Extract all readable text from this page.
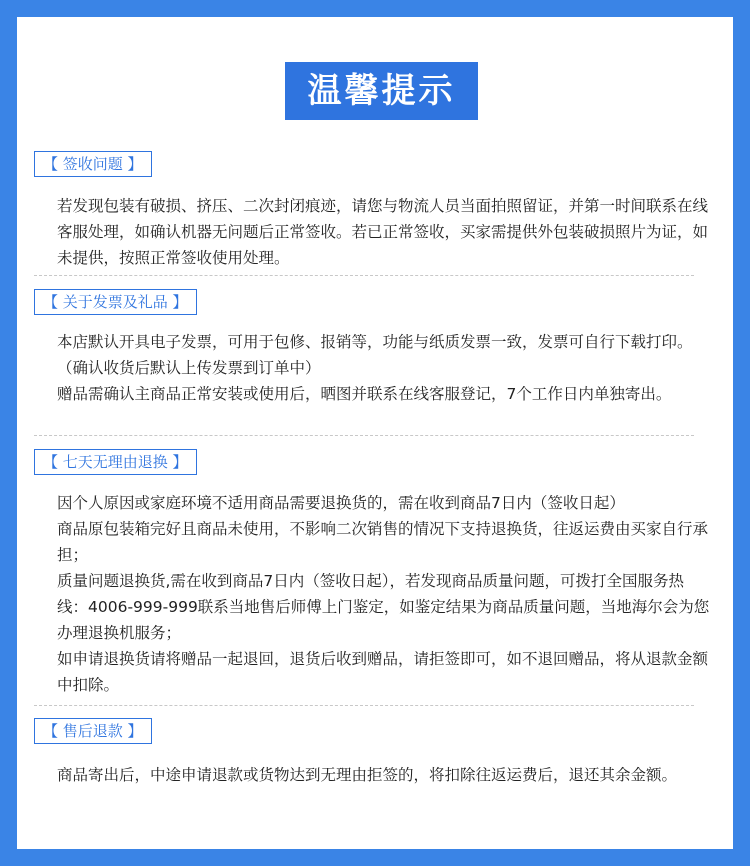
温馨提示
【 签收问题 】

若发现包装有破损、挤压、二次封闭痕迹，请您与物流人员当面拍照留证，并第一时间联系在线客服处理，如确认机器无问题后正常签收。若已正常签收，买家需提供外包装破损照片为证，如未提供，按照正常签收使用处理。

【 关于发票及礼品 】

本店默认开具电子发票，可用于包修、报销等，功能与纸质发票一致，发票可自行下载打印。（确认收货后默认上传发票到订单中）

赠品需确认主商品正常安装或使用后，晒图并联系在线客服登记，7个工作日内单独寄出。

【 七天无理由退换 】

因个人原因或家庭环境不适用商品需要退换货的，需在收到商品7日内（签收日起）

商品原包装箱完好且商品未使用，不影响二次销售的情况下支持退换货，往返运费由买家自行承担；

质量问题退换货,需在收到商品7日内（签收日起），若发现商品质量问题，可拨打全国服务热线：4006-999-999联系当地售后师傅上门鉴定，如鉴定结果为商品质量问题，当地海尔会为您办理退换机服务；

如申请退换货请将赠品一起退回，退货后收到赠品，请拒签即可，如不退回赠品，将从退款金额中扣除。

【 售后退款 】

商品寄出后，中途申请退款或货物达到无理由拒签的，将扣除往返运费后，退还其余金额。
